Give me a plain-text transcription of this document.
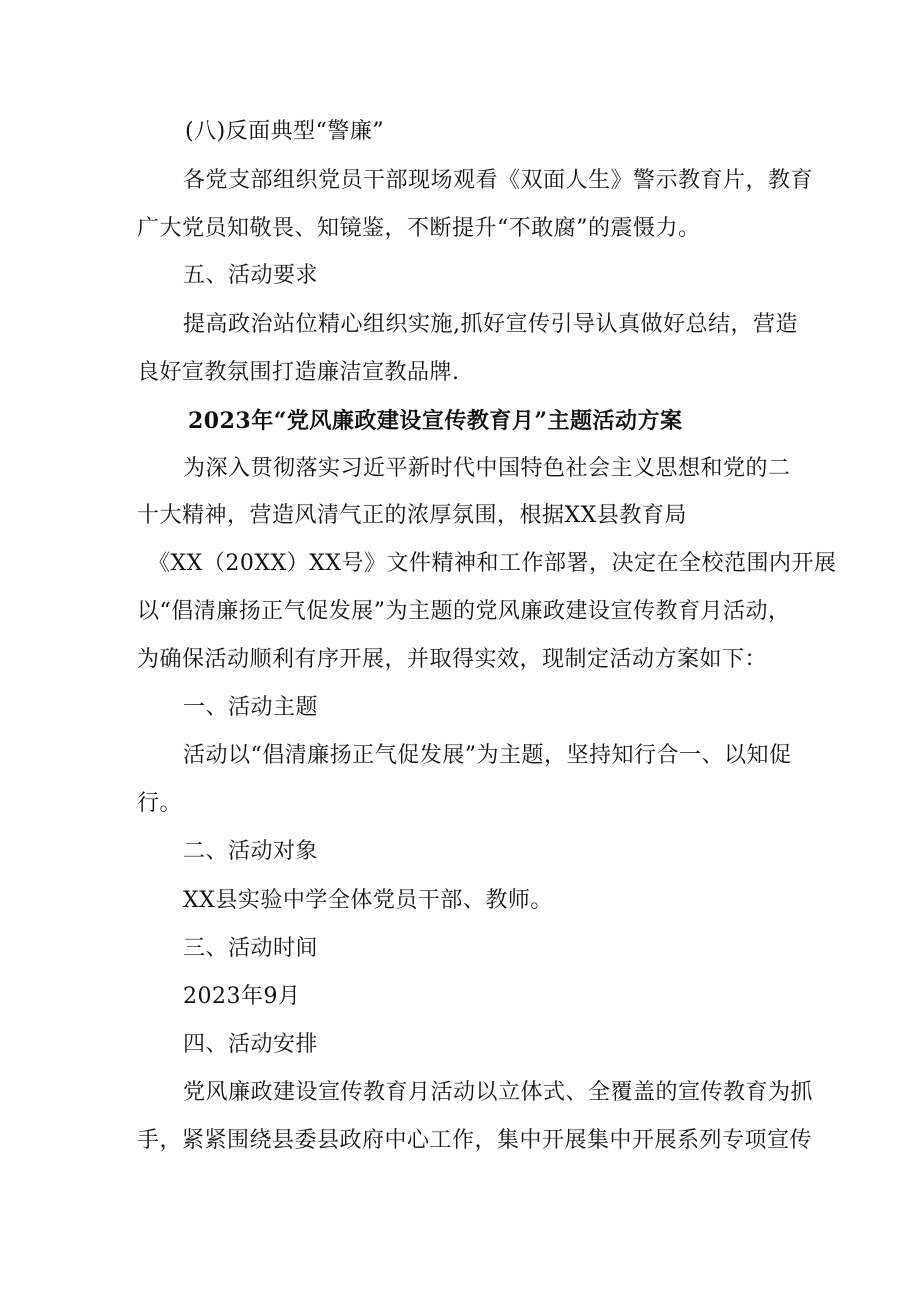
(八)反面典型“警廉”
各党支部组织党员干部现场观看《双面人生》警示教育片，教育
广大党员知敬畏、知镜鉴，不断提升“不敢腐”的震慑力。
五、活动要求
提高政治站位精心组织实施,抓好宣传引导认真做好总结，营造
良好宣教氛围打造廉洁宣教品牌.
2023年“党风廉政建设宣传教育月”主题活动方案
为深入贯彻落实习近平新时代中国特色社会主义思想和党的二
十大精神，营造风清气正的浓厚氛围，根据XX县教育局
《XX（20XX）XX号》文件精神和工作部署，决定在全校范围内开展
以“倡清廉扬正气促发展”为主题的党风廉政建设宣传教育月活动，
为确保活动顺利有序开展，并取得实效，现制定活动方案如下：
一、活动主题
活动以“倡清廉扬正气促发展”为主题，坚持知行合一、以知促
行。
二、活动对象
XX县实验中学全体党员干部、教师。
三、活动时间
2023年9月
四、活动安排
党风廉政建设宣传教育月活动以立体式、全覆盖的宣传教育为抓
手，紧紧围绕县委县政府中心工作，集中开展集中开展系列专项宣传
